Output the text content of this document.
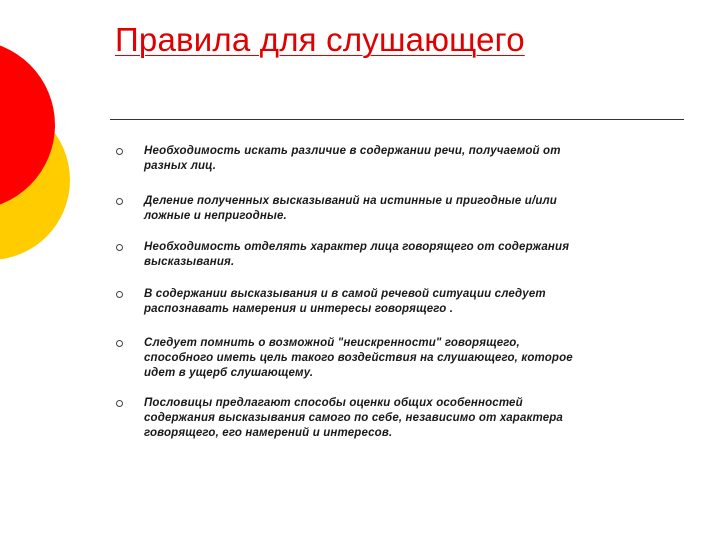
Правила для слушающего
Необходимость искать различие в содержании речи, получаемой от
разных лиц.
Деление полученных высказываний на истинные и пригодные и/или
ложные и непригодные.
Необходимость отделять характер лица говорящего от содержания
высказывания.
В содержании высказывания и в самой речевой ситуации следует
распознавать намерения и интересы говорящего .
Следует помнить о возможной "неискренности" говорящего,
способного иметь цель такого воздействия на слушающего, которое
идет в ущерб слушающему.
Пословицы предлагают способы оценки общих особенностей
содержания высказывания самого по себе, независимо от характера
говорящего, его намерений и интересов.
